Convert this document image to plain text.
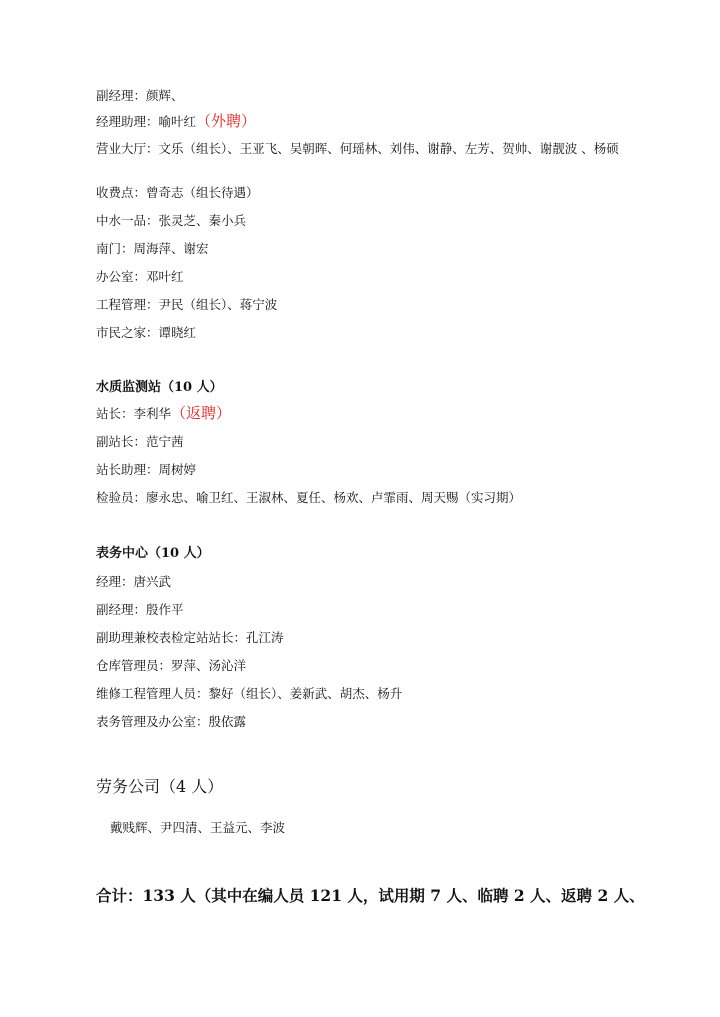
副经理：颜辉、
经理助理：喻叶红（外聘）
营业大厅：文乐（组长）、王亚飞、吴朝晖、何瑶林、刘伟、谢静、左芳、贺帅、谢靓波 、杨硕
收费点：曾奇志（组长待遇）
中水一品：张灵芝、秦小兵
南门：周海萍、谢宏
办公室：邓叶红
工程管理：尹民（组长）、蒋宁波
市民之家：谭晓红
水质监测站（10 人）
站长：李利华（返聘）
副站长：范宁茜
站长助理：周树婷
检验员：廖永忠、喻卫红、王淑林、夏任、杨欢、卢霏雨、周天赐（实习期）
表务中心（10 人）
经理：唐兴武
副经理：殷作平
副助理兼校表检定站站长：孔江涛
仓库管理员：罗萍、汤沁洋
维修工程管理人员：黎好（组长）、姜新武、胡杰、杨升
表务管理及办公室：殷依露
劳务公司（4 人）
戴贱辉、尹四清、王益元、李波
合计：133 人（其中在编人员 121 人，试用期 7 人、临聘 2 人、返聘 2 人、
